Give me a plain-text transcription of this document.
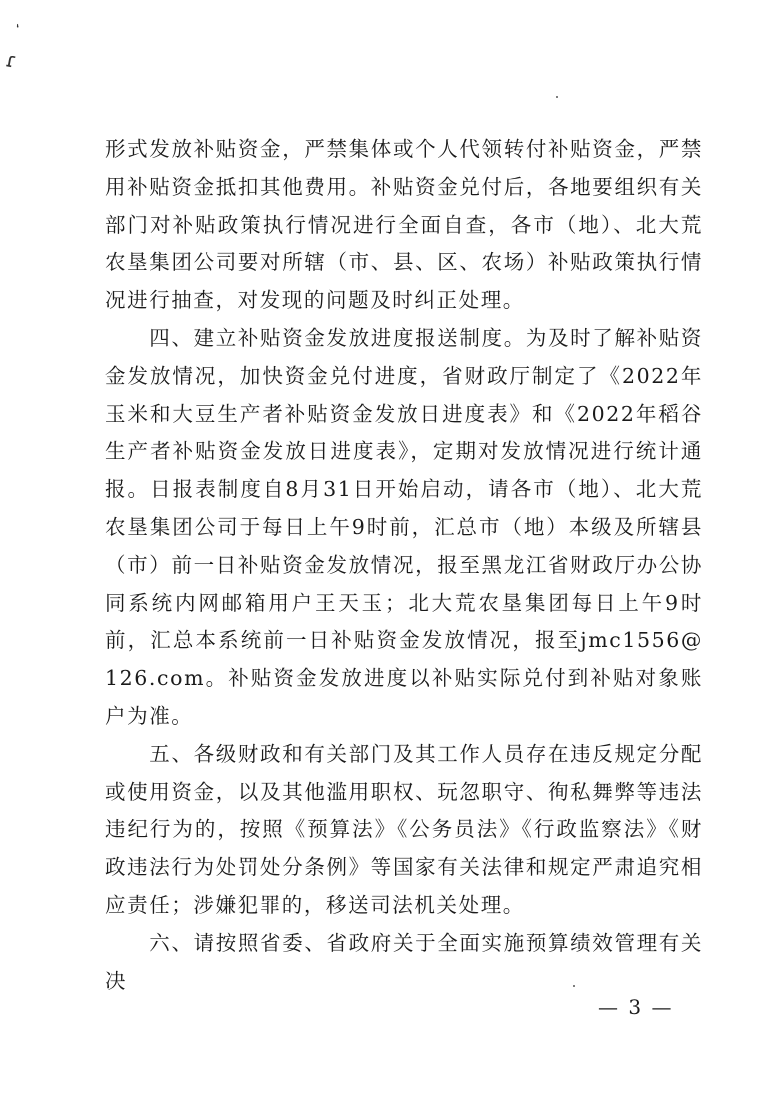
ʻ
ɾ

形式发放补贴资金，严禁集体或个人代领转付补贴资金，严禁用补贴资金抵扣其他费用。补贴资金兑付后，各地要组织有关部门对补贴政策执行情况进行全面自查，各市（地）、北大荒农垦集团公司要对所辖（市、县、区、农场）补贴政策执行情况进行抽查，对发现的问题及时纠正处理。

　　四、建立补贴资金发放进度报送制度。为及时了解补贴资金发放情况，加快资金兑付进度，省财政厅制定了《2022年玉米和大豆生产者补贴资金发放日进度表》和《2022年稻谷生产者补贴资金发放日进度表》，定期对发放情况进行统计通报。日报表制度自8月31日开始启动，请各市（地）、北大荒农垦集团公司于每日上午9时前，汇总市（地）本级及所辖县（市）前一日补贴资金发放情况，报至黑龙江省财政厅办公协同系统内网邮箱用户王天玉；北大荒农垦集团每日上午9时前，汇总本系统前一日补贴资金发放情况，报至jmc1556@126.com。补贴资金发放进度以补贴实际兑付到补贴对象账户为准。

　　五、各级财政和有关部门及其工作人员存在违反规定分配或使用资金，以及其他滥用职权、玩忽职守、徇私舞弊等违法违纪行为的，按照《预算法》《公务员法》《行政监察法》《财政违法行为处罚处分条例》等国家有关法律和规定严肃追究相应责任；涉嫌犯罪的，移送司法机关处理。

　　六、请按照省委、省政府关于全面实施预算绩效管理有关决

— 3 —
